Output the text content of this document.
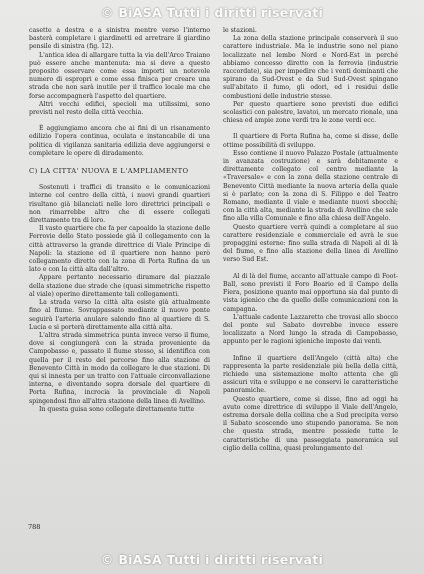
© BiASA Tutti i diritti riservati

casette a destra e a sinistra mentre verso l'interno basterà completare i giardinetti ed arretrare il giardino pensile di sinistra (fig. 12).

L'antica idea di allargare tutta la via dell'Arco Traiano può essere anche mantenuta: ma si deve a questo proposito osservare come essa importi un notevole numero di espropri e come essa finisca per creare una strada che non sarà inutile per il traffico locale ma che forse accompagnerà l'aspetto del quartiere.

Altri vecchi edifici, specioli ma utilissimi, sono previsti nel resto della città vecchia.

È aggiungiamo ancora che ai fini di un risanamento edilizio l'opera continua, oculata e instancabile di una politica di vigilanza sanitaria edilizia deve aggiungersi e completare le opere di diradamento.

C) LA CITTA' NUOVA E L'AMPLIAMENTO

Sostenuti i traffici di transito e le comunicazioni interne col centro della città, i nuovi grandi quartieri risultano già bilanciati nelle loro direttrici principali e non rimarrebbe altro che di essere collegati direttamente tra di loro.

Il vasto quartiere che fa per capoaldo la stazione delle Ferrovie dello Stato possiede già il collegamento con la città attraverso la grande direttrice di Viale Principe di Napoli: la stazione ed il quartiere non hanno però collegamento diretto con la zona di Porta Rufina da un lato e con la città alta dall'altro.

Appare pertanto necessario diramare dal piazzale della stazione due strade che (quasi simmetriche rispetto al viale) operino direttamente tali collegamenti.

La strada verso la città alta esiste già attualmente fino al fiume. Sovrappassato mediante il nuovo ponte seguirà l'arteria anulare salendo fino al quartiere di S. Lucia e si porterà direttamente alla città alta.

L'altra strada simmetrica punta invece verso il fiume, dove si congiungerà con la strada proveniente da Campobasso e, passato il fiume stesso, si identifica con quella per il resto del percorso fino alla stazione di Benevento Città in modo da collegare le due stazioni. Di qui si innesta per un tratto con l'attuale circonvallazione interna, e diventando sopra dorsale del quartiere di Porta Rufina, incrocia la provinciale di Napoli spingendosi fino all'altra stazione della linea di Avellino.

In questa guisa sono collegate direttamente tutte

le stazioni.

La zona della stazione principale conserverà il suo carattere industriale. Ma le industrie sono nel piano localizzate nel lembo Nord e Nord-Est in perché abbiamo concesso diretto con la ferrovia (industrie raccordate), sia per impedire che i venti dominanti che spirano da Sud-Ovest e da Sud Sud-Ovest spingano sull'abitato il fumo, gli odori, ed i residui delle combustioni delle industrie stesse.

Per questo quartiere sono previsti due edifici scolastici con palestre, lavatoi, un mercato rionale, una chiesa ed ampie zone verdi tra le zone verdi ecc.

Il quartiere di Porta Rufina ha, come si disse, delle ottime possibilità di sviluppo.

Esso contiene il nuovo Palazzo Postale (attualmente in avanzata costruzione) e sarà debitamente e direttamente collegato col centro mediante la «Traversale» e con la zona della stazione centrale di Benevento Città mediante la nuova arteria della quale si è parlato; con la zona di S. Filippo e del Teatro Romano, mediante il viale e mediante nuovi sbocchi; con la città alta, mediante la strada di Avellino che sale fino alla villa Comunale e fino alla chiesa dell'Angelo.

Questo quartiere verrà quindi a completare al suo carattere residenziale e commerciale ed avrà le sue propaggini esterne: fino sulla strada di Napoli al di là del fiume, e fino alla stazione della linea di Avellino verso Sud Est.

Al di là del fiume, accanto all'attuale campo di Foot-Ball, sono previsti il Foro Boario ed il Campo della Fiera, posizione quanto mai opportuna sia dal punto di vista igienico che da quello delle comunicazioni con la campagna.

L'attuale cadente Lazzaretto che trovasi allo sbocco del ponte sul Sabato dovrebbe invece essere localizzato a Nord lungo la strada di Campobasso, appunto per le ragioni igieniche imposte dai venti.

Infine il quartiere dell'Angelo (città alta) che rappresenta la parte residenziale più bella della città, richiede una sistemazione molto attenta che gli assicuri vita e sviluppo e ne conservi le caratteristiche panoramiche.

Questo quartiere, come si disse, fino ad oggi ha avuto come direttrice di sviluppo il Viale dell'Angelo, estrema dorsale della collina che a Sud precipita verso il Sabato scoscendo uno stupendo panorama. Se non che questa strada, mentre possiede tutte le caratteristiche di una passeggiata panoramica sul ciglio della collina, quasi prolungamento del

788
© BiASA Tutti i diritti riservati
